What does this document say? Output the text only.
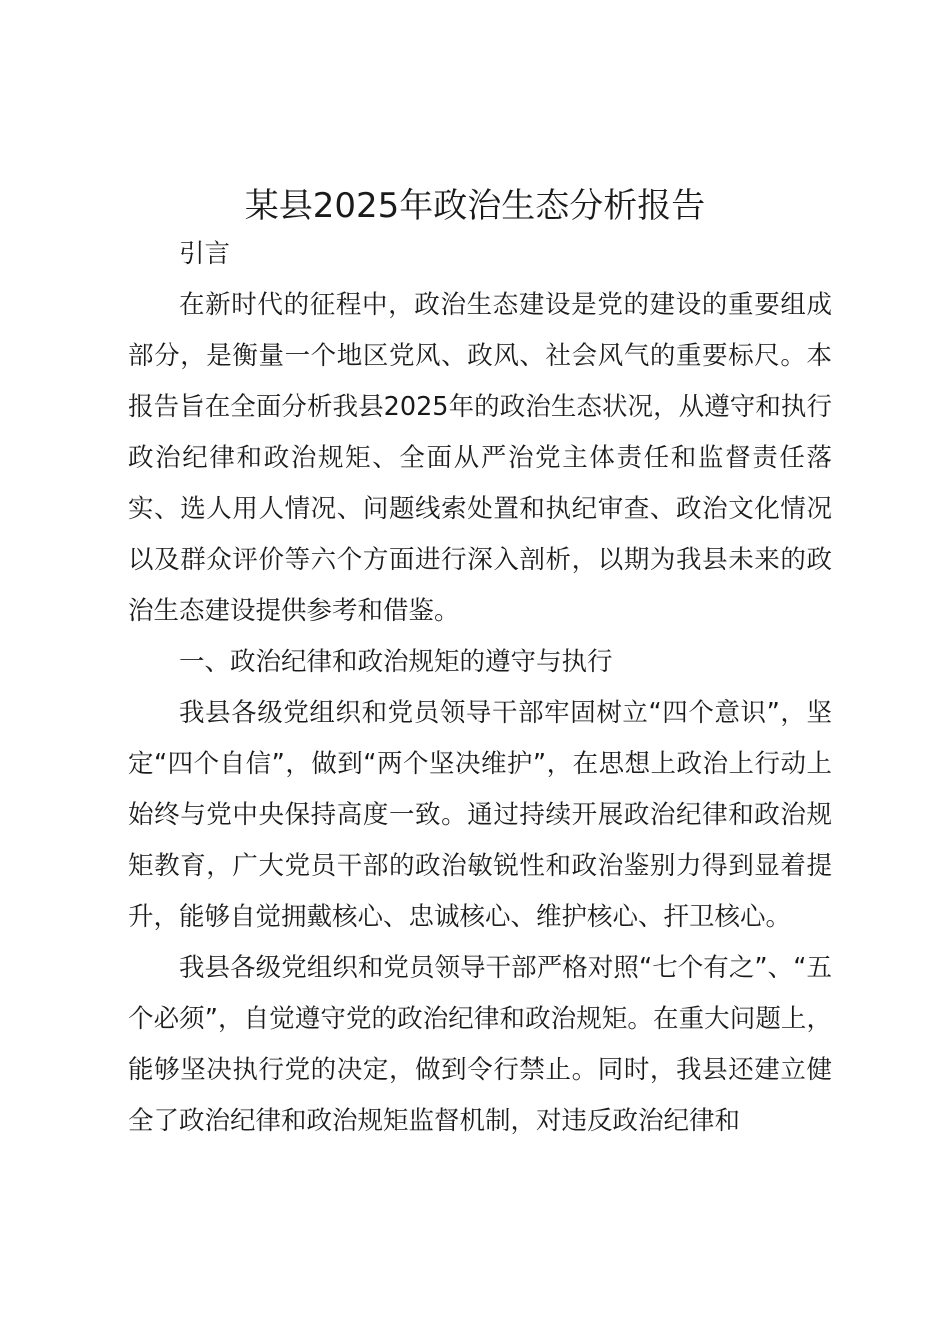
某县2025年政治生态分析报告

引言

在新时代的征程中，政治生态建设是党的建设的重要组成部分，是衡量一个地区党风、政风、社会风气的重要标尺。本报告旨在全面分析我县2025年的政治生态状况，从遵守和执行政治纪律和政治规矩、全面从严治党主体责任和监督责任落实、选人用人情况、问题线索处置和执纪审查、政治文化情况以及群众评价等六个方面进行深入剖析，以期为我县未来的政治生态建设提供参考和借鉴。

一、政治纪律和政治规矩的遵守与执行

我县各级党组织和党员领导干部牢固树立“四个意识”，坚定“四个自信”，做到“两个坚决维护”，在思想上政治上行动上始终与党中央保持高度一致。通过持续开展政治纪律和政治规矩教育，广大党员干部的政治敏锐性和政治鉴别力得到显着提升，能够自觉拥戴核心、忠诚核心、维护核心、扞卫核心。

我县各级党组织和党员领导干部严格对照“七个有之”、“五个必须”，自觉遵守党的政治纪律和政治规矩。在重大问题上，能够坚决执行党的决定，做到令行禁止。同时，我县还建立健全了政治纪律和政治规矩监督机制，对违反政治纪律和
